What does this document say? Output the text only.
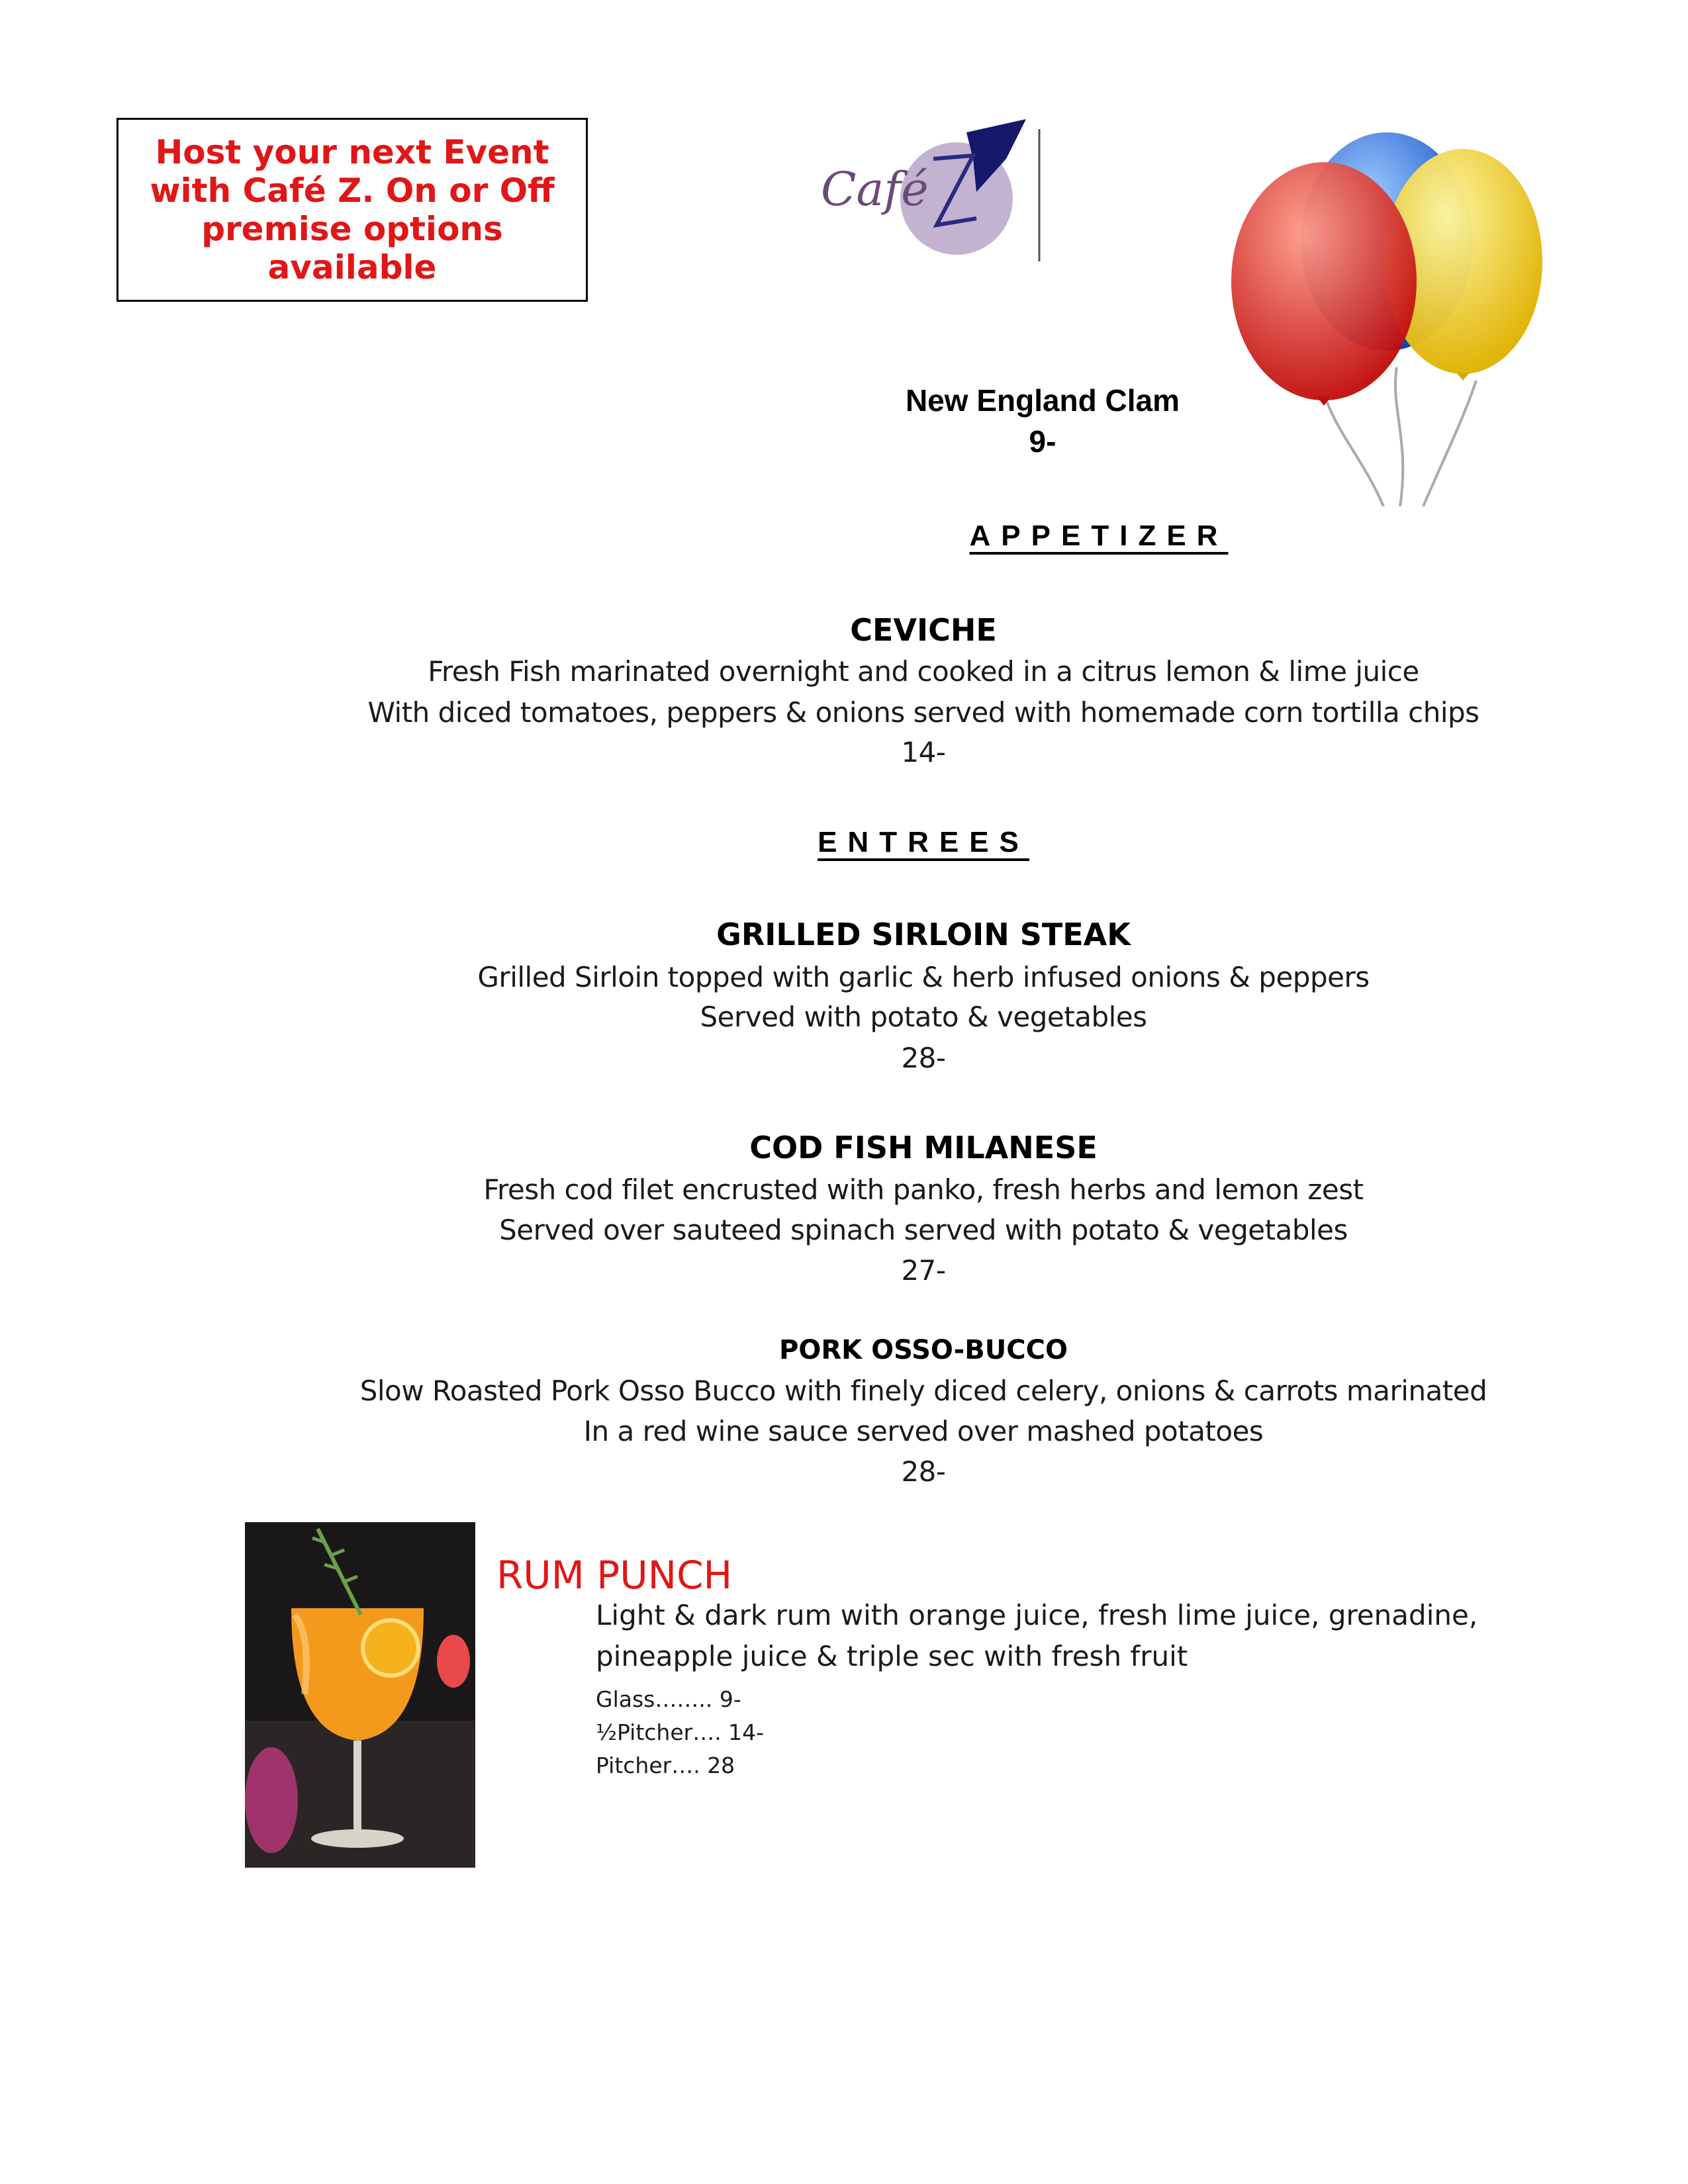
Host your next Event
with Café Z. On or Off
premise options
available
Café
New England Clam
9-
APPETIZER
CEVICHE
Fresh Fish marinated overnight and cooked in a citrus lemon & lime juice
With diced tomatoes, peppers & onions served with homemade corn tortilla chips
14-
ENTREES
GRILLED SIRLOIN STEAK
Grilled Sirloin topped with garlic & herb infused onions & peppers
Served with potato & vegetables
28-
COD FISH MILANESE
Fresh cod filet encrusted with panko, fresh herbs and lemon zest
Served over sauteed spinach served with potato & vegetables
27-
PORK OSSO-BUCCO
Slow Roasted Pork Osso Bucco with finely diced celery, onions & carrots marinated
In a red wine sauce served over mashed potatoes
28-
RUM PUNCH
Light & dark rum with orange juice, fresh lime juice, grenadine,
pineapple juice & triple sec with fresh fruit
Glass…….. 9-
½Pitcher…. 14-
Pitcher…. 28
